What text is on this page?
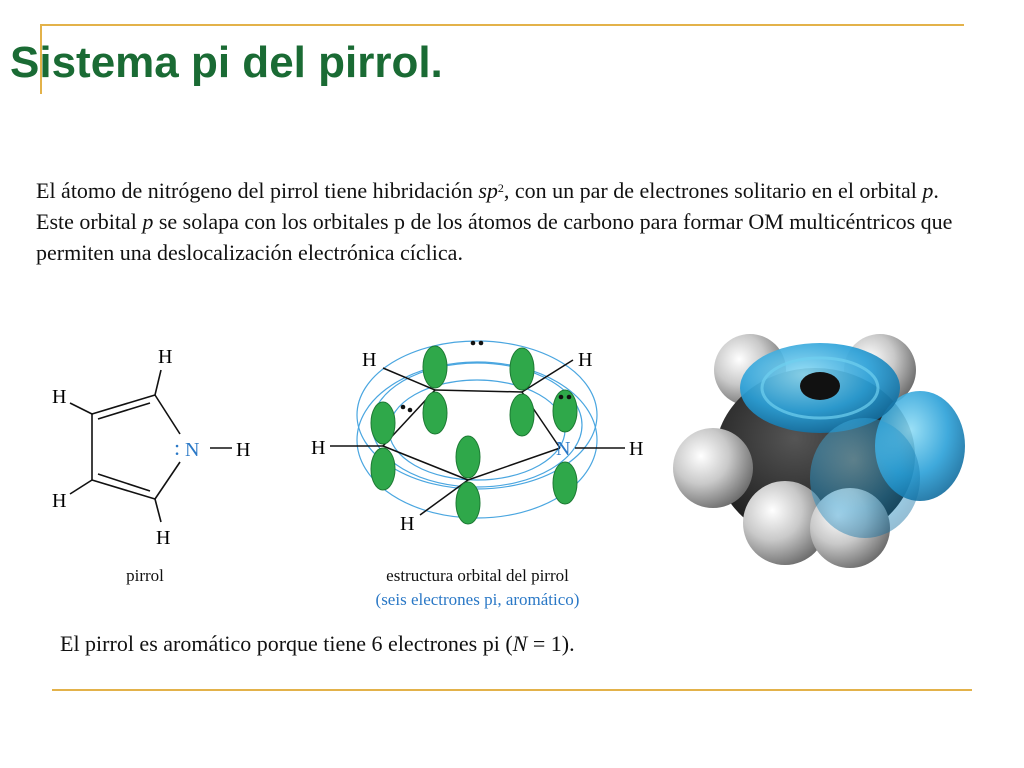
Sistema pi del pirrol.

El átomo de nitrógeno del pirrol tiene hibridación $sp^2$, con un par de electrones solitario en el orbital p. Este orbital p se solapa con los orbitales p de los átomos de carbono para formar OM multicéntricos que permiten una deslocalización electrónica cíclica.

H
H
H
H
: N H
pirrol
H	H
H	N	H
H
estructura orbital del pirrol
(seis electrones pi, aromático)

El pirrol es aromático porque tiene 6 electrones pi (N = 1).
